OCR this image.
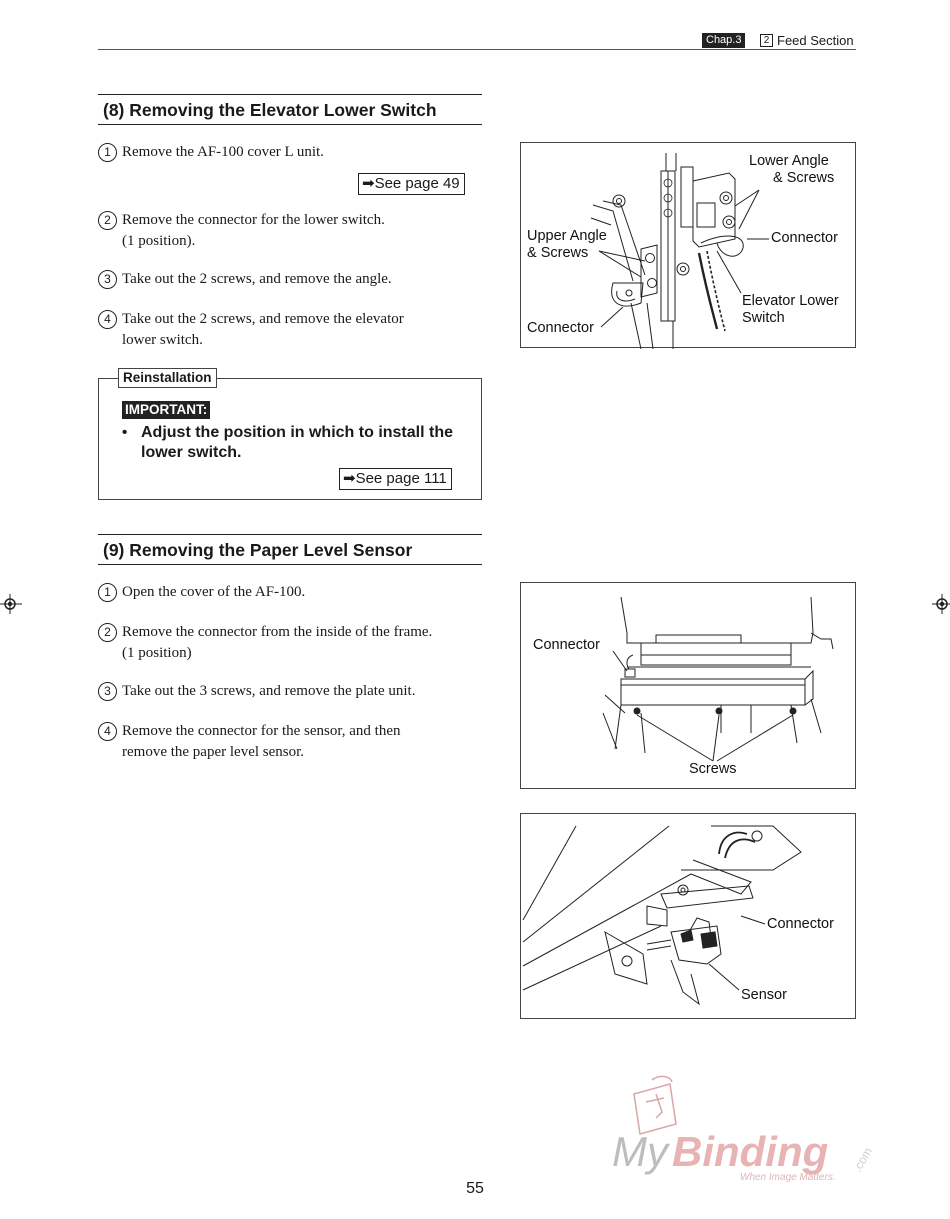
Chap.3	2 Feed Section
(8) Removing the Elevator Lower Switch
1 Remove the AF-100 cover L unit.
➡See page 49
2 Remove the connector for the lower switch.
(1 position).
3 Take out the 2 screws, and remove the angle.
4 Take out the 2 screws, and remove the elevator
lower switch.
Reinstallation
IMPORTANT:
• Adjust the position in which to install the lower switch.
➡See page 111
Lower Angle
& Screws
Upper Angle
& Screws
Connector
Elevator Lower
Switch
Connector
(9) Removing the Paper Level Sensor
1 Open the cover of the AF-100.
2 Remove the connector from the inside of the frame.
(1 position)
3 Take out the 3 screws, and remove the plate unit.
4 Remove the connector for the sensor, and then
remove the paper level sensor.
Connector
Screws
Connector
Sensor
My Binding .com
When Image Matters.
55
